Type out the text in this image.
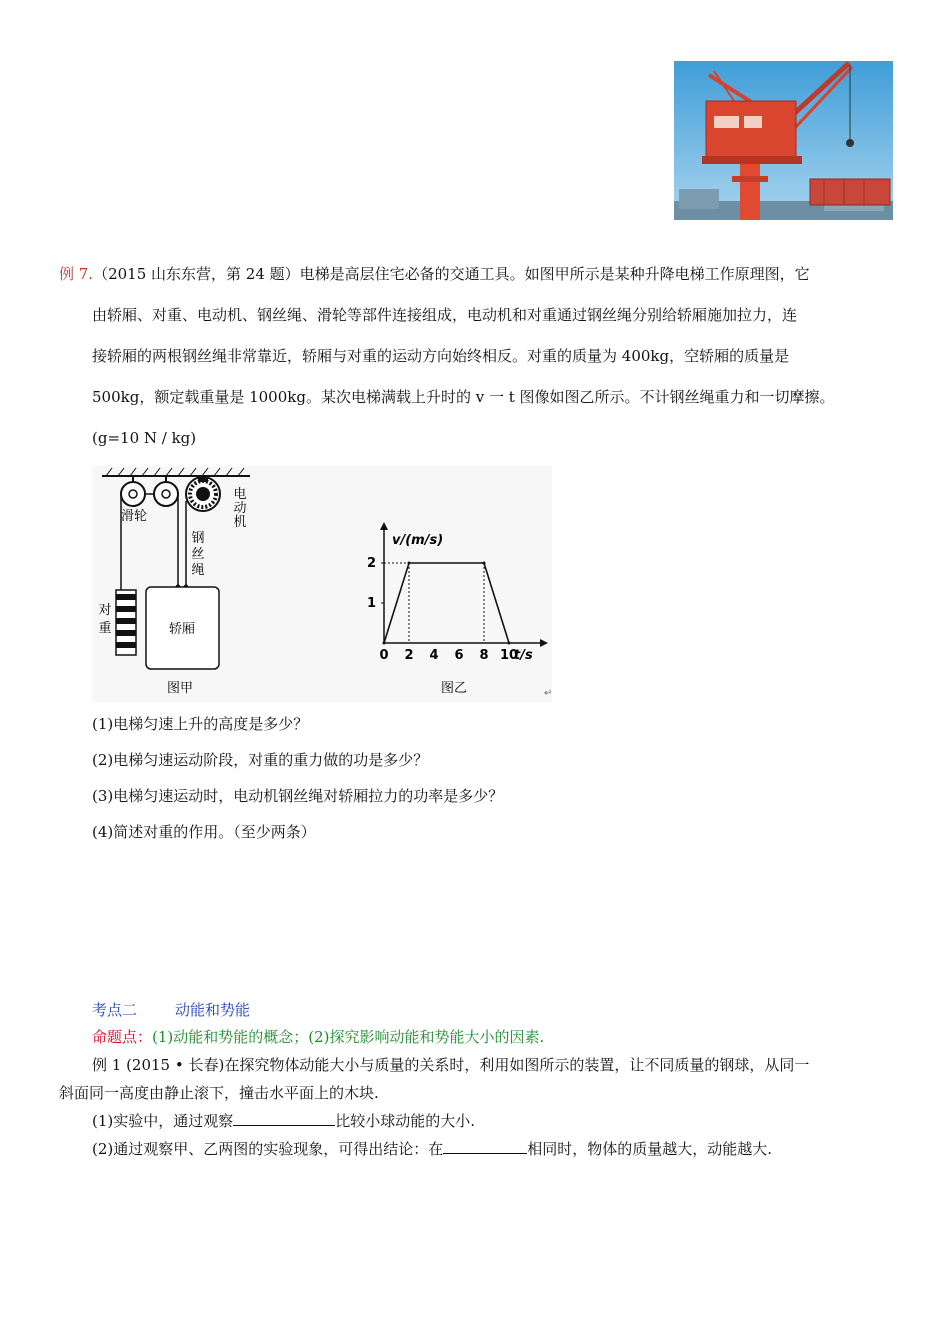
例 7.（2015 山东东营，第 24 题）电梯是高层住宅必备的交通工具。如图甲所示是某种升降电梯工作原理图，它
由轿厢、对重、电动机、钢丝绳、滑轮等部件连接组成，电动机和对重通过钢丝绳分别给轿厢施加拉力，连
接轿厢的两根钢丝绳非常靠近，轿厢与对重的运动方向始终相反。对重的质量为 400kg，空轿厢的质量是
500kg，额定载重量是 1000kg。某次电梯满载上升时的 v 一 t 图像如图乙所示。不计钢丝绳重力和一切摩擦。
(g=10 N / kg)
滑轮
电
动
机
钢
丝
绳
对
重	轿厢
图甲
v/(m/s)
t/s
0 2 4 6 8 10
1
2
图乙	↵
(1)电梯匀速上升的高度是多少？
(2)电梯匀速运动阶段，对重的重力做的功是多少？
(3)电梯匀速运动时，电动机钢丝绳对轿厢拉力的功率是多少？
(4)简述对重的作用。（至少两条）
考点二	动能和势能
命题点：(1)动能和势能的概念；(2)探究影响动能和势能大小的因素.
例 1 (2015 • 长春)在探究物体动能大小与质量的关系时，利用如图所示的装置，让不同质量的钢球，从同一
斜面同一高度由静止滚下，撞击水平面上的木块.
(1)实验中，通过观察	比较小球动能的大小.
(2)通过观察甲、乙两图的实验现象，可得出结论：在	相同时，物体的质量越大，动能越大.
